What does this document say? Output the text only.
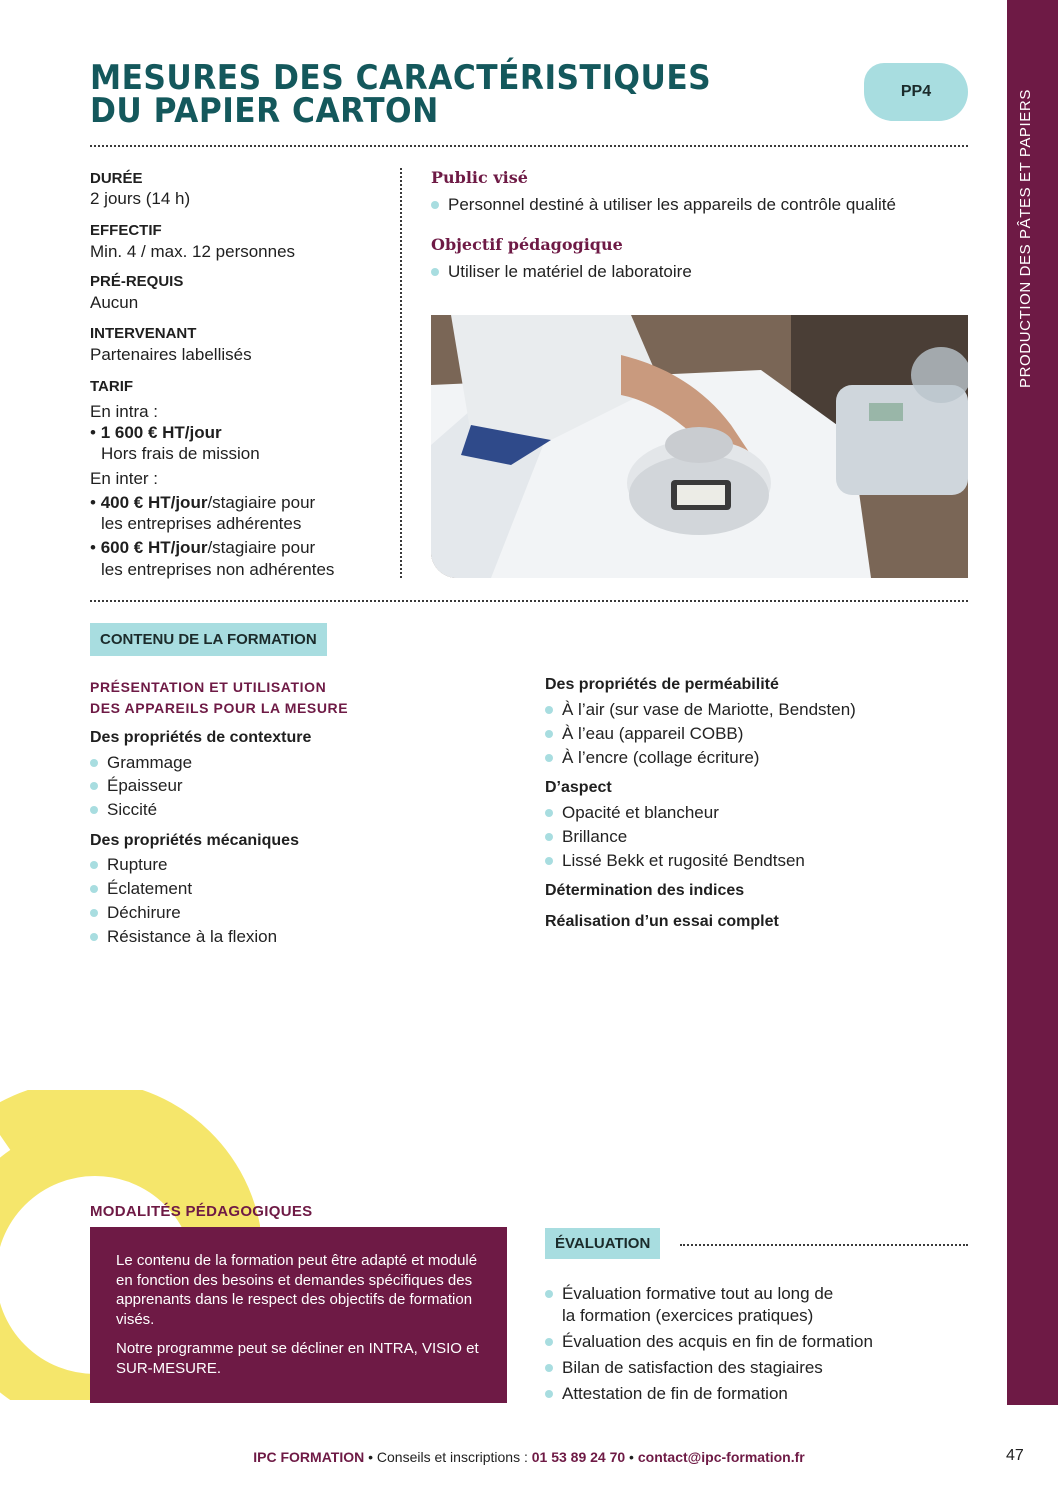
PRODUCTION DES PÂTES ET PAPIERS
MESURES DES CARACTÉRISTIQUES
DU PAPIER CARTON	PP4
DURÉE
2 jours (14 h)
EFFECTIF
Min. 4 / max. 12 personnes
PRÉ-REQUIS
Aucun
INTERVENANT
Partenaires labellisés
TARIF
En intra :
• 1 600 € HT/jour
Hors frais de mission
En inter :
• 400 € HT/jour/stagiaire pour
les entreprises adhérentes
• 600 € HT/jour/stagiaire pour
les entreprises non adhérentes
Public visé
Personnel destiné à utiliser les appareils de contrôle qualité
Objectif pédagogique
Utiliser le matériel de laboratoire
CONTENU DE LA FORMATION
PRÉSENTATION ET UTILISATION
DES APPAREILS POUR LA MESURE
Des propriétés de contexture
Grammage
Épaisseur
Siccité
Des propriétés mécaniques
Rupture
Éclatement
Déchirure
Résistance à la flexion
Des propriétés de perméabilité
À l’air (sur vase de Mariotte, Bendsten)
À l’eau (appareil COBB)
À l’encre (collage écriture)
D’aspect
Opacité et blancheur
Brillance
Lissé Bekk et rugosité Bendtsen
Détermination des indices
Réalisation d’un essai complet
MODALITÉS PÉDAGOGIQUES

Le contenu de la formation peut être adapté et modulé en fonction des besoins et demandes spécifiques des apprenants dans le respect des objectifs de formation visés.

Notre programme peut se décliner en INTRA, VISIO et SUR-MESURE.

ÉVALUATION
Évaluation formative tout au long de
la formation (exercices pratiques)
Évaluation des acquis en fin de formation
Bilan de satisfaction des stagiaires
Attestation de fin de formation
IPC FORMATION • Conseils et inscriptions : 01 53 89 24 70 • contact@ipc-formation.fr	47
